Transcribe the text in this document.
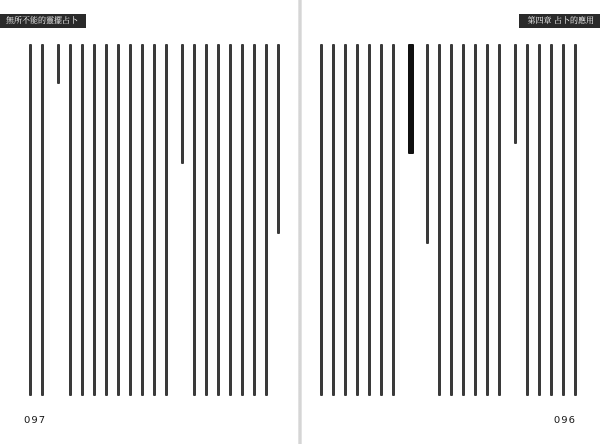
無所不能的靈擺占卜
097
第四章 占卜的應用
096
